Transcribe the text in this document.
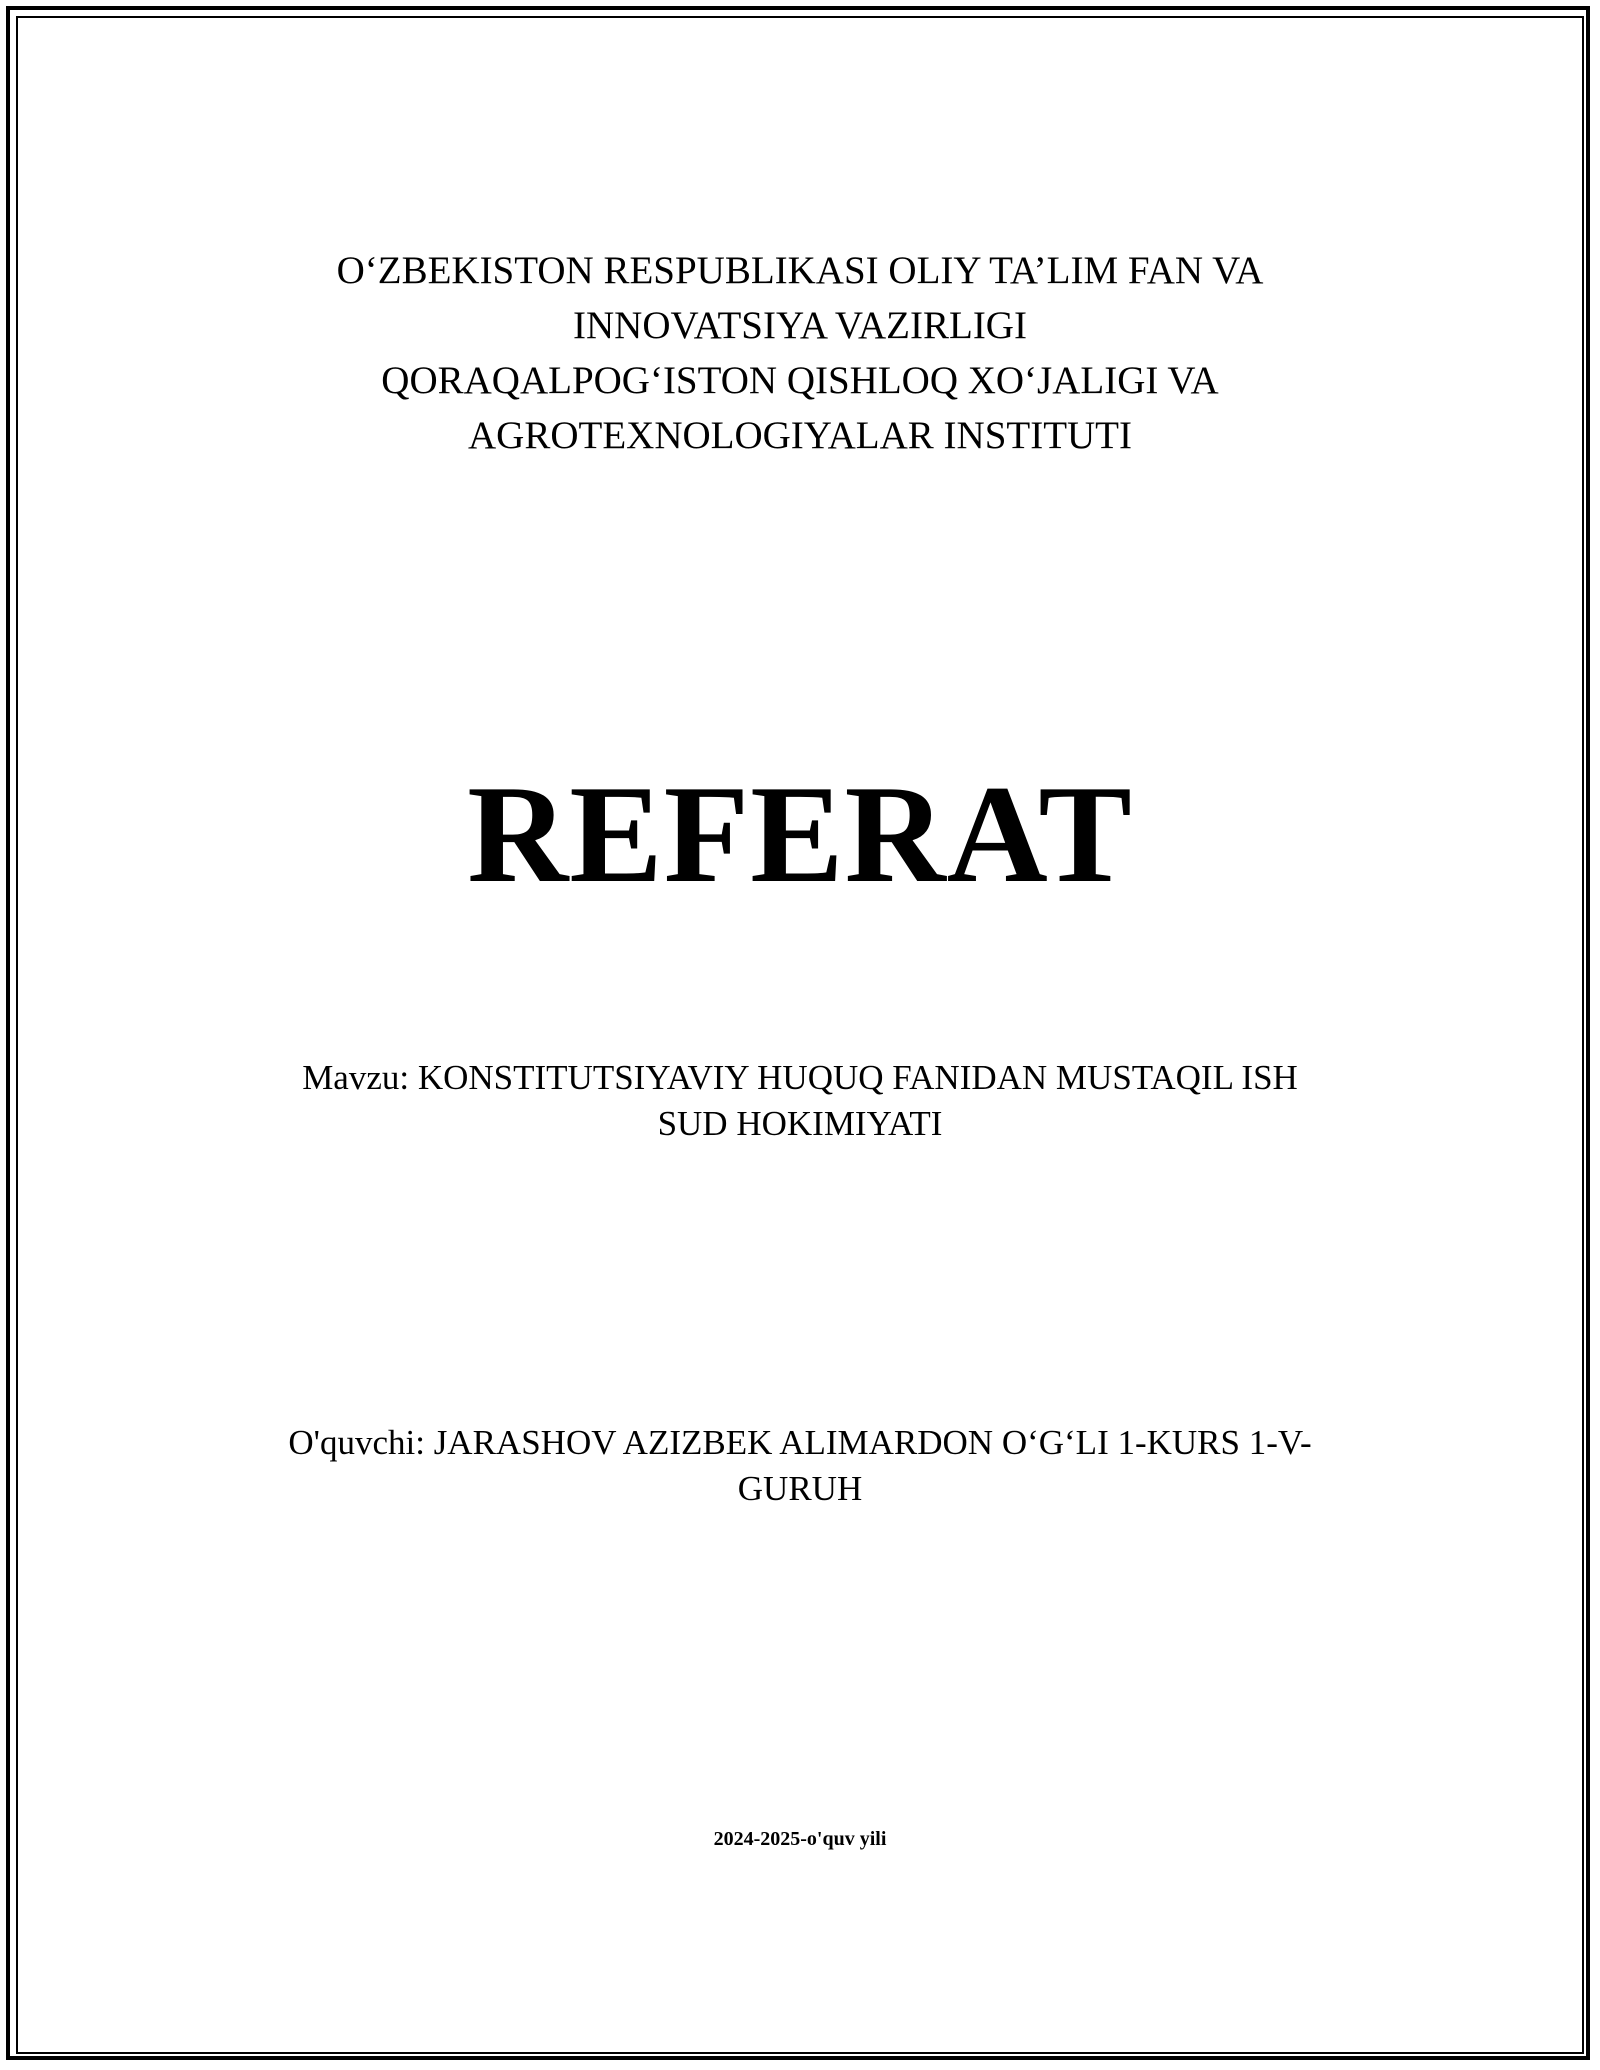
O‘ZBEKISTON RESPUBLIKASI OLIY TA’LIM FAN VA
INNOVATSIYA VAZIRLIGI
QORAQALPOG‘ISTON QISHLOQ XO‘JALIGI VA
AGROTEXNOLOGIYALAR INSTITUTI
REFERAT
Mavzu: KONSTITUTSIYAVIY HUQUQ FANIDAN MUSTAQIL ISH
SUD HOKIMIYATI
O'quvchi: JARASHOV AZIZBEK ALIMARDON O‘G‘LI 1-KURS 1-V-
GURUH
2024-2025-o'quv yili
